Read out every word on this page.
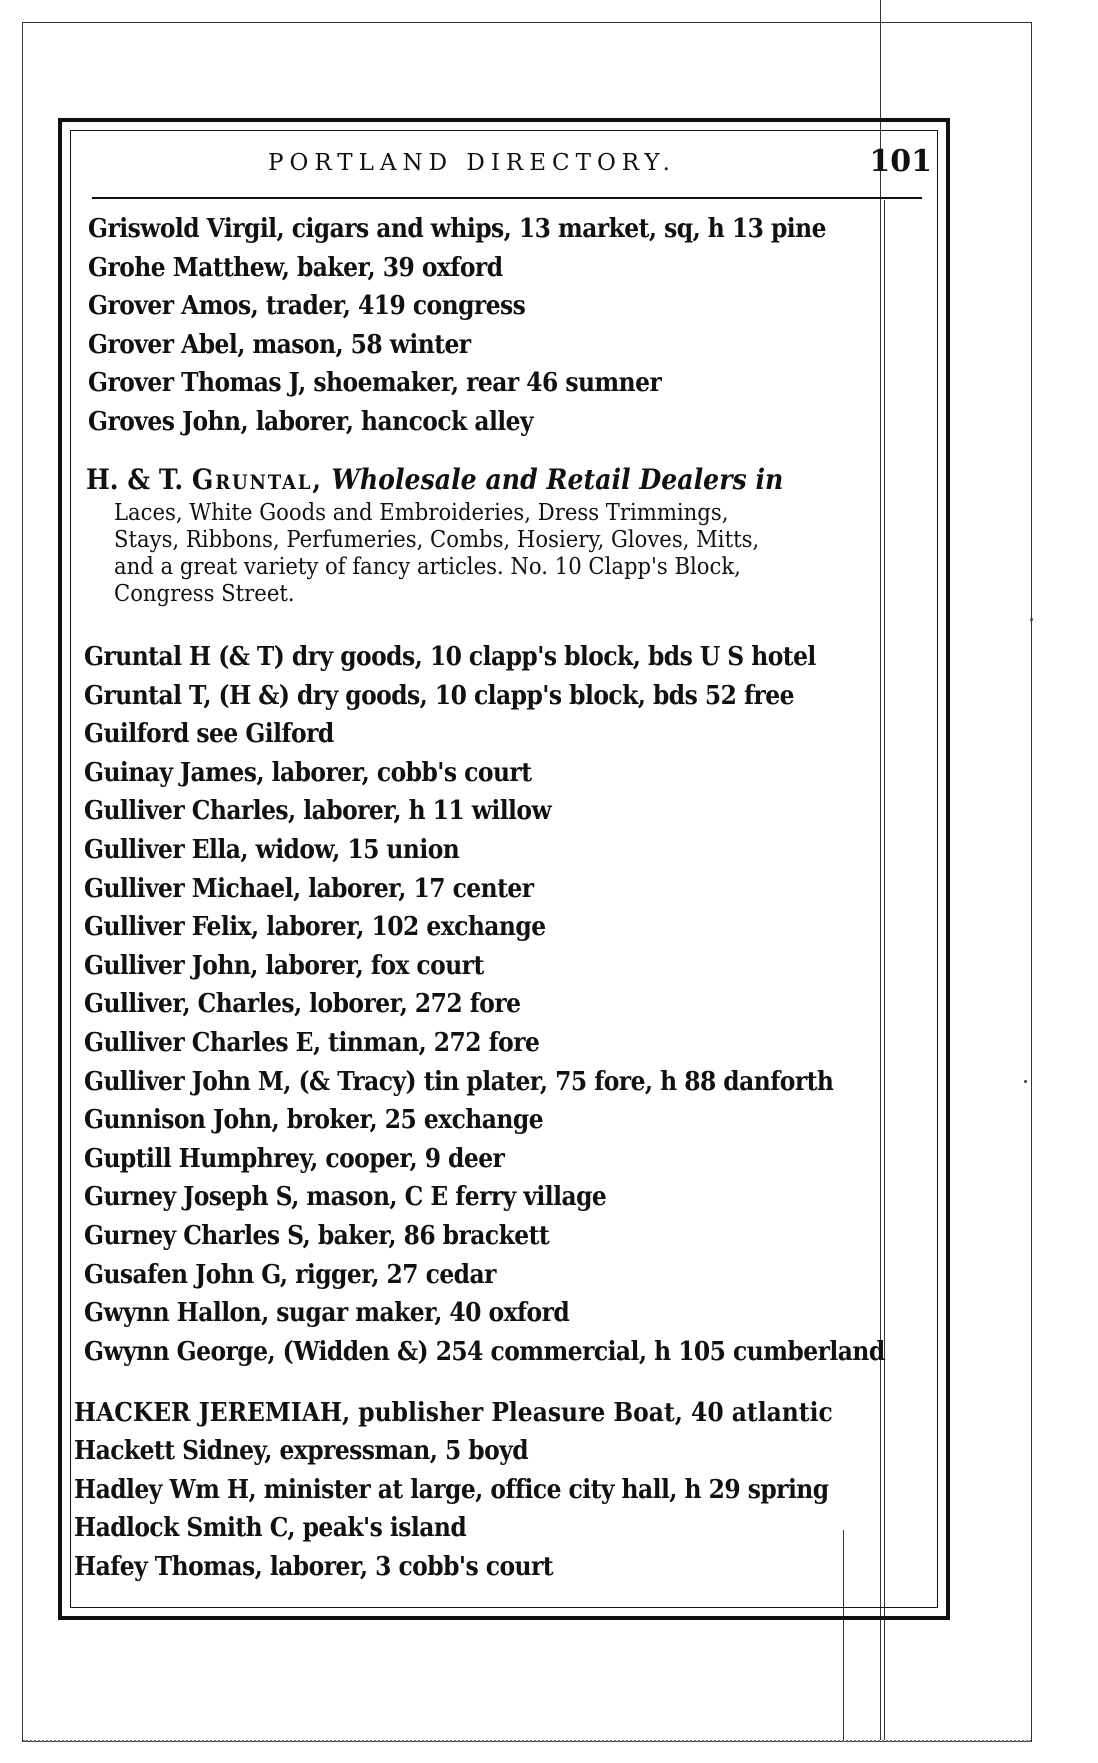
PORTLAND DIRECTORY.	101
Griswold Virgil, cigars and whips, 13 market, sq, h 13 pine
Grohe Matthew, baker, 39 oxford
Grover Amos, trader, 419 congress
Grover Abel, mason, 58 winter
Grover Thomas J, shoemaker, rear 46 sumner
Groves John, laborer, hancock alley
H. & T. Gruntal, Wholesale and Retail Dealers in
Laces, White Goods and Embroideries, Dress Trimmings,
Stays, Ribbons, Perfumeries, Combs, Hosiery, Gloves, Mitts,
and a great variety of fancy articles. No. 10 Clapp's Block,
Congress Street.
Gruntal H (& T) dry goods, 10 clapp's block, bds U S hotel
Gruntal T, (H &) dry goods, 10 clapp's block, bds 52 free
Guilford see Gilford
Guinay James, laborer, cobb's court
Gulliver Charles, laborer, h 11 willow
Gulliver Ella, widow, 15 union
Gulliver Michael, laborer, 17 center
Gulliver Felix, laborer, 102 exchange
Gulliver John, laborer, fox court
Gulliver, Charles, loborer, 272 fore
Gulliver Charles E, tinman, 272 fore
Gulliver John M, (& Tracy) tin plater, 75 fore, h 88 danforth
Gunnison John, broker, 25 exchange
Guptill Humphrey, cooper, 9 deer
Gurney Joseph S, mason, C E ferry village
Gurney Charles S, baker, 86 brackett
Gusafen John G, rigger, 27 cedar
Gwynn Hallon, sugar maker, 40 oxford
Gwynn George, (Widden &) 254 commercial, h 105 cumberland
HACKER JEREMIAH, publisher Pleasure Boat, 40 atlantic
Hackett Sidney, expressman, 5 boyd
Hadley Wm H, minister at large, office city hall, h 29 spring
Hadlock Smith C, peak's island
Hafey Thomas, laborer, 3 cobb's court
